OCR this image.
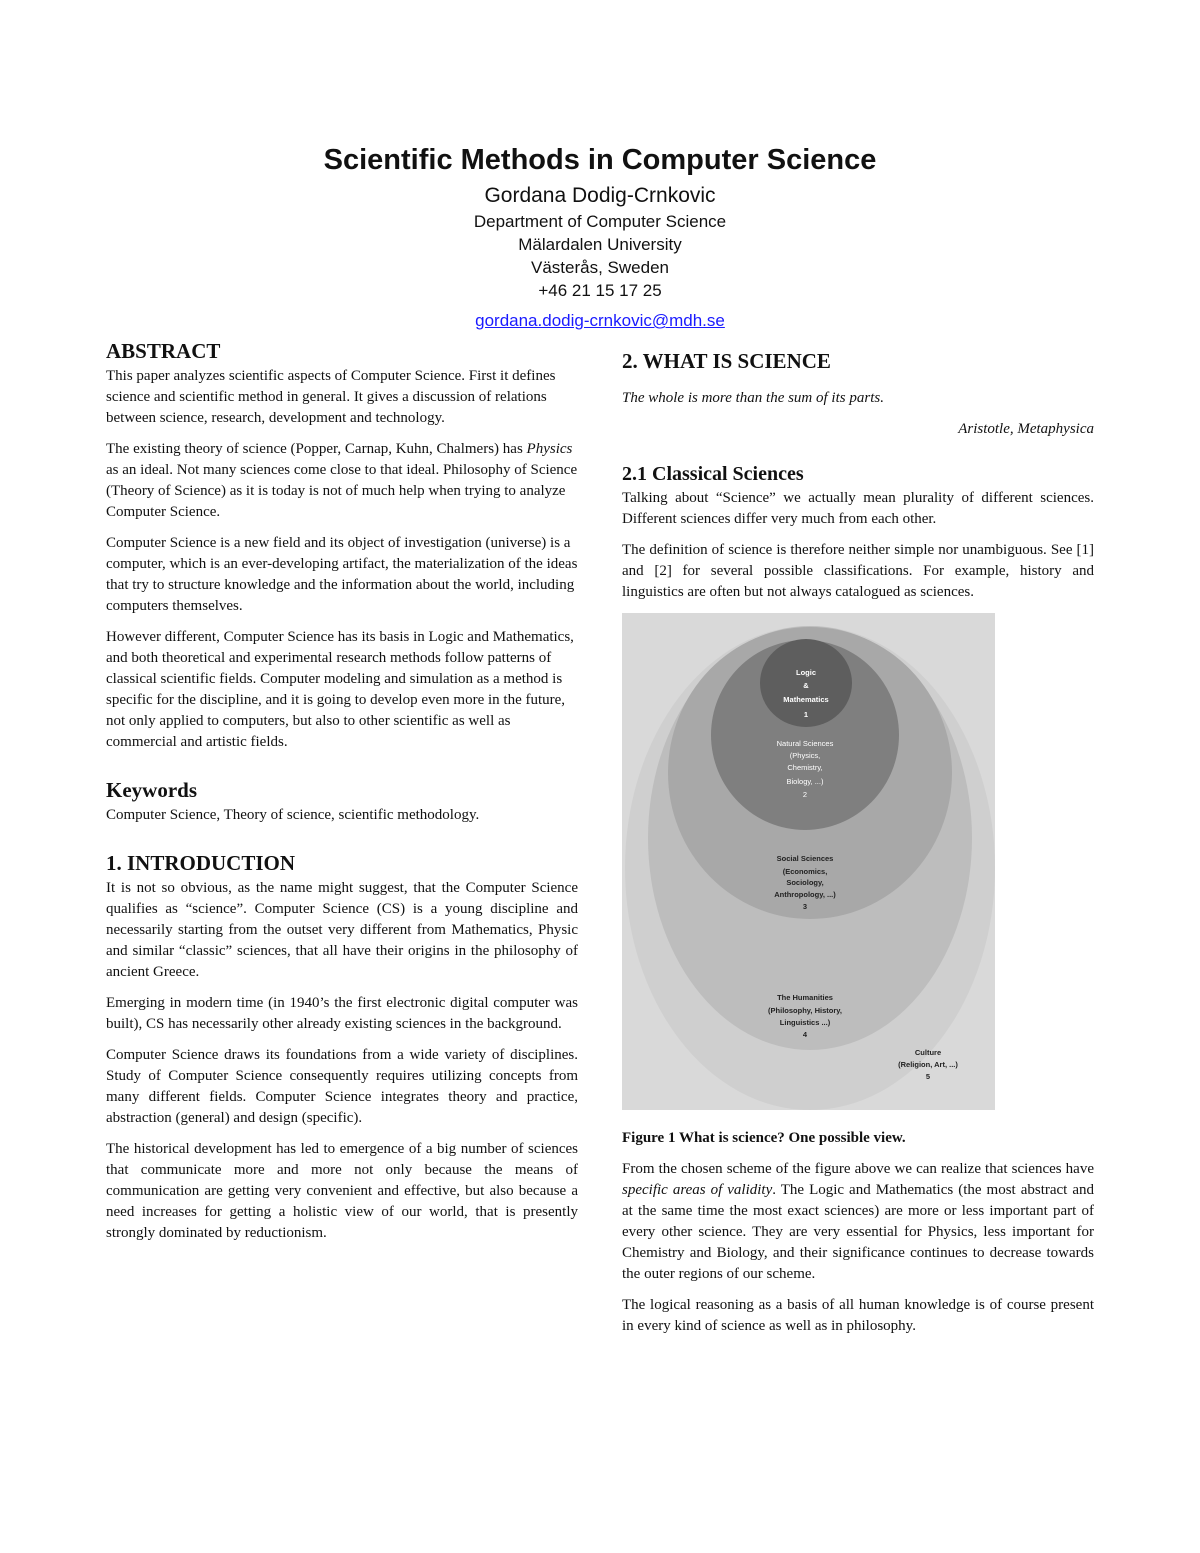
Scientific Methods in Computer Science
Gordana Dodig-Crnkovic
Department of Computer Science
Mälardalen University
Västerås, Sweden
+46 21 15 17 25
gordana.dodig-crnkovic@mdh.se
ABSTRACT

This paper analyzes scientific aspects of Computer Science. First it defines science and scientific method in general. It gives a discussion of relations between science, research, development and technology.

The existing theory of science (Popper, Carnap, Kuhn, Chalmers) has Physics as an ideal. Not many sciences come close to that ideal. Philosophy of Science (Theory of Science) as it is today is not of much help when trying to analyze Computer Science.

Computer Science is a new field and its object of investigation (universe) is a computer, which is an ever-developing artifact, the materialization of the ideas that try to structure knowledge and the information about the world, including computers themselves.

However different, Computer Science has its basis in Logic and Mathematics, and both theoretical and experimental research methods follow patterns of classical scientific fields. Computer modeling and simulation as a method is specific for the discipline, and it is going to develop even more in the future, not only applied to computers, but also to other scientific as well as commercial and artistic fields.

Keywords

Computer Science, Theory of science, scientific methodology.

1. INTRODUCTION

It is not so obvious, as the name might suggest, that the Computer Science qualifies as “science”. Computer Science (CS) is a young discipline and necessarily starting from the outset very different from Mathematics, Physic and similar “classic” sciences, that all have their origins in the philosophy of ancient Greece.

Emerging in modern time (in 1940’s the first electronic digital computer was built), CS has necessarily other already existing sciences in the background.

Computer Science draws its foundations from a wide variety of disciplines. Study of Computer Science consequently requires utilizing concepts from many different fields. Computer Science integrates theory and practice, abstraction (general) and design (specific).

The historical development has led to emergence of a big number of sciences that communicate more and more not only because the means of communication are getting very convenient and effective, but also because a need increases for getting a holistic view of our world, that is presently strongly dominated by reductionism.

2. WHAT IS SCIENCE

The whole is more than the sum of its parts.

Aristotle, Metaphysica

2.1 Classical Sciences

Talking about “Science” we actually mean plurality of different sciences. Different sciences differ very much from each other.

The definition of science is therefore neither simple nor unambiguous. See [1] and [2] for several possible classifications. For example, history and linguistics are often but not always catalogued as sciences.

Logic
&
Mathematics
1
Natural Sciences
(Physics,
Chemistry,
Biology, ...)
2
Social Sciences
(Economics,
Sociology,
Anthropology, ...)
3
The Humanities
(Philosophy, History,
Linguistics ...)
4
Culture
(Religion, Art, ...)
5

Figure 1 What is science? One possible view.

From the chosen scheme of the figure above we can realize that sciences have specific areas of validity. The Logic and Mathematics (the most abstract and at the same time the most exact sciences) are more or less important part of every other science. They are very essential for Physics, less important for Chemistry and Biology, and their significance continues to decrease towards the outer regions of our scheme.

The logical reasoning as a basis of all human knowledge is of course present in every kind of science as well as in philosophy.
